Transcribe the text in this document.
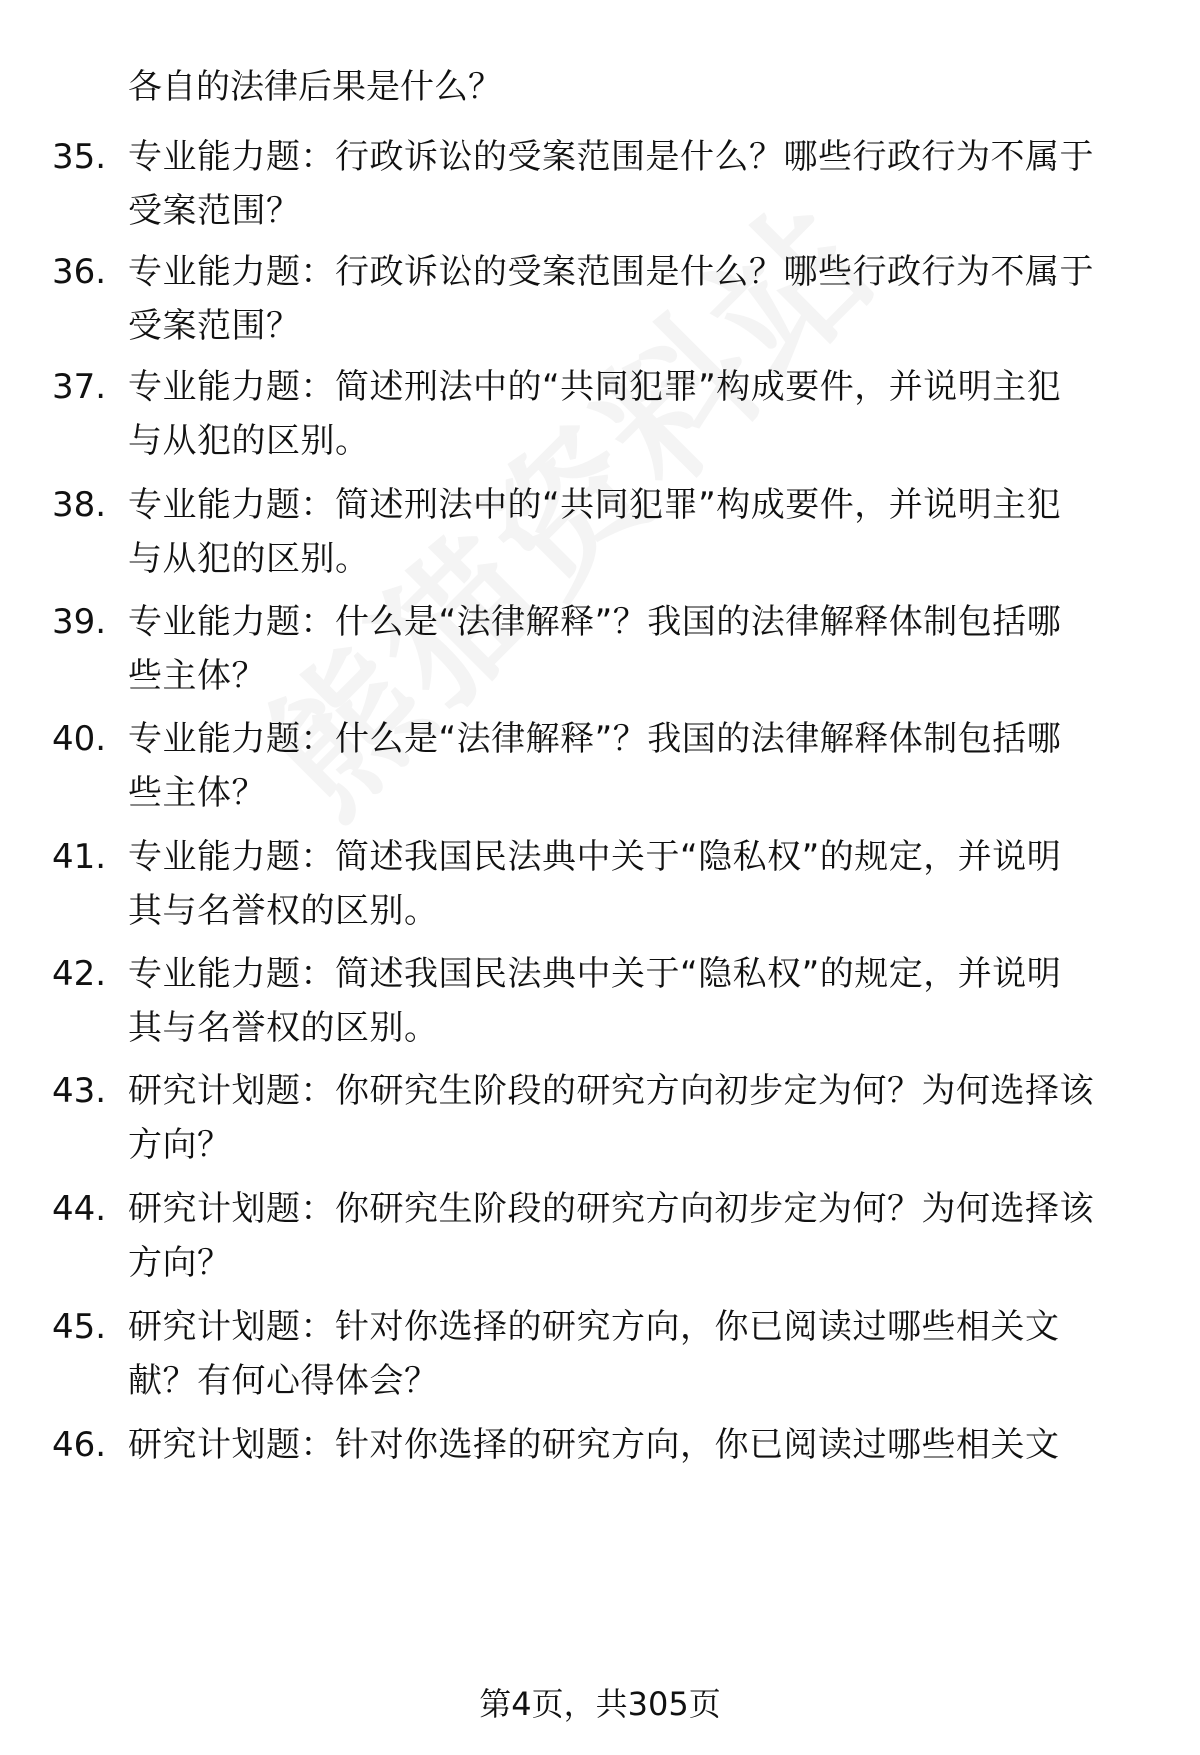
各自的法律后果是什么？
35. 专业能力题：行政诉讼的受案范围是什么？哪些行政行为不属于
受案范围？
36. 专业能力题：行政诉讼的受案范围是什么？哪些行政行为不属于
受案范围？
37. 专业能力题：简述刑法中的“共同犯罪”构成要件，并说明主犯
与从犯的区别。
38. 专业能力题：简述刑法中的“共同犯罪”构成要件，并说明主犯
与从犯的区别。
39. 专业能力题：什么是“法律解释”？我国的法律解释体制包括哪
些主体？
40. 专业能力题：什么是“法律解释”？我国的法律解释体制包括哪
些主体？
41. 专业能力题：简述我国民法典中关于“隐私权”的规定，并说明
其与名誉权的区别。
42. 专业能力题：简述我国民法典中关于“隐私权”的规定，并说明
其与名誉权的区别。
43. 研究计划题：你研究生阶段的研究方向初步定为何？为何选择该
方向？
44. 研究计划题：你研究生阶段的研究方向初步定为何？为何选择该
方向？
45. 研究计划题：针对你选择的研究方向，你已阅读过哪些相关文
献？有何心得体会？
46. 研究计划题：针对你选择的研究方向，你已阅读过哪些相关文
第4页，共305页
